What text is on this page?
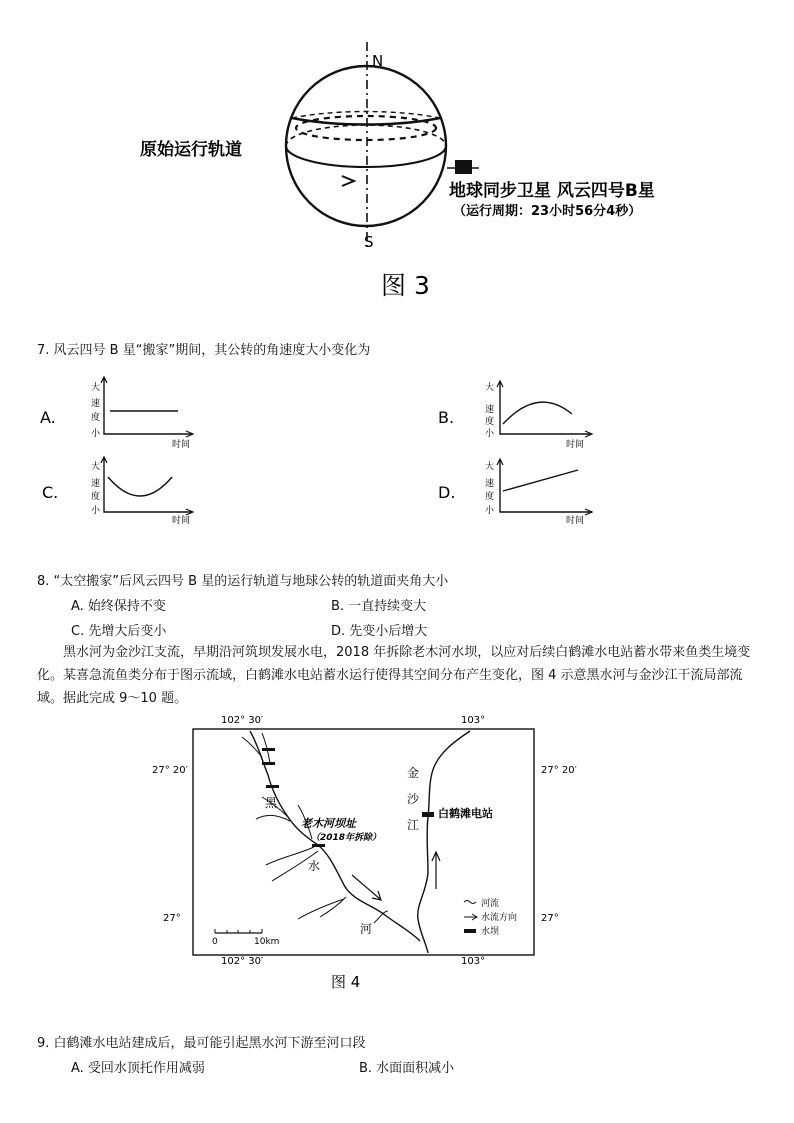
N
S
原始运行轨道
地球同步卫星 风云四号B星
（运行周期：23小时56分4秒）
图 3
7. 风云四号 B 星“搬家”期间，其公转的角速度大小变化为
A.
大
速
度
小
时间
B.
大
速
度
小
时间
C.
大
速
度
小
时间
D.
大
速
度
小
时间
8. “太空搬家”后风云四号 B 星的运行轨道与地球公转的轨道面夹角大小
A. 始终保持不变	B. 一直持续变大
C. 先增大后变小	D. 先变小后增大
黑水河为金沙江支流，早期沿河筑坝发展水电，2018 年拆除老木河水坝，以应对后续白鹤滩水电站蓄水带来鱼类生境变化。某喜急流鱼类分布于图示流域，白鹤滩水电站蓄水运行使得其空间分布产生变化，图 4 示意黑水河与金沙江干流局部流域。据此完成 9～10 题。
102° 30′	103°
102° 30′	103°
27° 20′	27° 20′
27°	27°
黑
水
河
金
沙
江
老木河坝址
（2018年拆除）
白鹤滩电站
0	10km
河流
水流方向
水坝
图 4
9. 白鹤滩水电站建成后，最可能引起黑水河下游至河口段
A. 受回水顶托作用减弱	B. 水面面积减小
